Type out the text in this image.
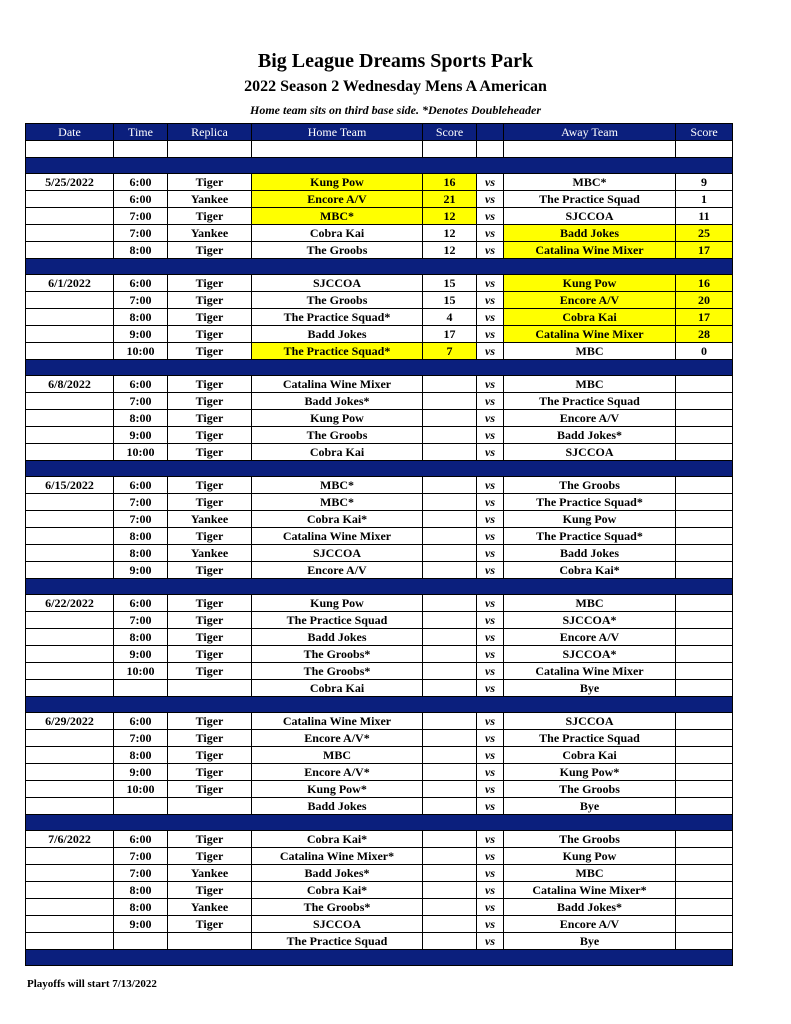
Big League Dreams Sports Park
2022 Season 2 Wednesday Mens A American
Home team sits on third base side. *Denotes Doubleheader
Date	Time	Replica	Home Team	Score		Away Team	Score

5/25/2022	6:00	Tiger	Kung Pow	16	vs	MBC*	9
	6:00	Yankee	Encore A/V	21	vs	The Practice Squad	1
	7:00	Tiger	MBC*	12	vs	SJCCOA	11
	7:00	Yankee	Cobra Kai	12	vs	Badd Jokes	25
	8:00	Tiger	The Groobs	12	vs	Catalina Wine Mixer	17

6/1/2022	6:00	Tiger	SJCCOA	15	vs	Kung Pow	16
	7:00	Tiger	The Groobs	15	vs	Encore A/V	20
	8:00	Tiger	The Practice Squad*	4	vs	Cobra Kai	17
	9:00	Tiger	Badd Jokes	17	vs	Catalina Wine Mixer	28
	10:00	Tiger	The Practice Squad*	7	vs	MBC	0

6/8/2022	6:00	Tiger	Catalina Wine Mixer		vs	MBC	
	7:00	Tiger	Badd Jokes*		vs	The Practice Squad	
	8:00	Tiger	Kung Pow		vs	Encore A/V	
	9:00	Tiger	The Groobs		vs	Badd Jokes*	
	10:00	Tiger	Cobra Kai		vs	SJCCOA	

6/15/2022	6:00	Tiger	MBC*		vs	The Groobs	
	7:00	Tiger	MBC*		vs	The Practice Squad*	
	7:00	Yankee	Cobra Kai*		vs	Kung Pow	
	8:00	Tiger	Catalina Wine Mixer		vs	The Practice Squad*	
	8:00	Yankee	SJCCOA		vs	Badd Jokes	
	9:00	Tiger	Encore A/V		vs	Cobra Kai*	

6/22/2022	6:00	Tiger	Kung Pow		vs	MBC	
	7:00	Tiger	The Practice Squad		vs	SJCCOA*	
	8:00	Tiger	Badd Jokes		vs	Encore A/V	
	9:00	Tiger	The Groobs*		vs	SJCCOA*	
	10:00	Tiger	The Groobs*		vs	Catalina Wine Mixer	
			Cobra Kai		vs	Bye	

6/29/2022	6:00	Tiger	Catalina Wine Mixer		vs	SJCCOA	
	7:00	Tiger	Encore A/V*		vs	The Practice Squad	
	8:00	Tiger	MBC		vs	Cobra Kai	
	9:00	Tiger	Encore A/V*		vs	Kung Pow*	
	10:00	Tiger	Kung Pow*		vs	The Groobs	
			Badd Jokes		vs	Bye	

7/6/2022	6:00	Tiger	Cobra Kai*		vs	The Groobs	
	7:00	Tiger	Catalina Wine Mixer*		vs	Kung Pow	
	7:00	Yankee	Badd Jokes*		vs	MBC	
	8:00	Tiger	Cobra Kai*		vs	Catalina Wine Mixer*	
	8:00	Yankee	The Groobs*		vs	Badd Jokes*	
	9:00	Tiger	SJCCOA		vs	Encore A/V	
			The Practice Squad		vs	Bye	

Playoffs will start 7/13/2022
